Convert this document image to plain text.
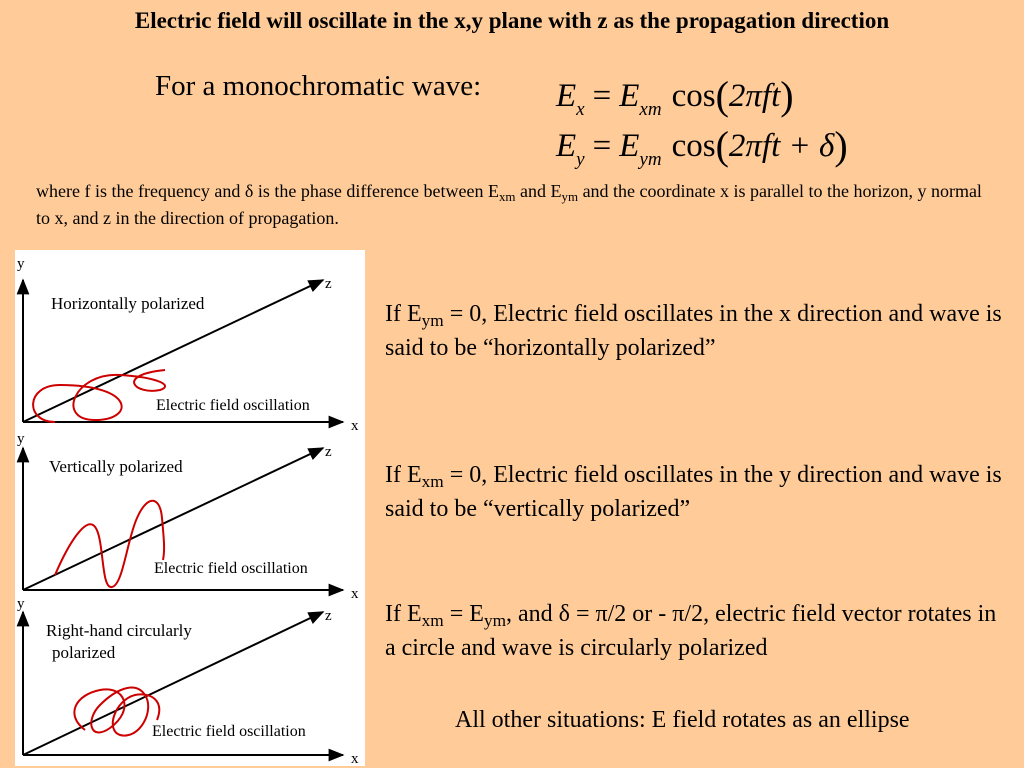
Electric field will oscillate in the x,y plane with z as the propagation direction
For a monochromatic wave: $E_x = E_{xm}$ cos(2πft)
$E_y = E_{ym}$ cos(2πft + δ)
where f is the frequency and δ is the phase difference between $E_{xm}$ and $E_{ym}$ and the coordinate x is parallel to the horizon, y normal to x, and z in the direction of propagation.
y
x
z
Horizontally polarized
Electric field oscillation
y
x
z
Vertically polarized
Electric field oscillation
y
x
z
Right-hand circularly
polarized
Electric field oscillation
If $E_{ym} = 0$, Electric field oscillates in the x direction and wave is said to be “horizontally polarized”
If $E_{xm} = 0$, Electric field oscillates in the y direction and wave is said to be “vertically polarized”
If $E_{xm} = E_{ym}$, and δ = π/2 or - π/2, electric field vector rotates in a circle and wave is circularly polarized
All other situations: E field rotates as an ellipse
